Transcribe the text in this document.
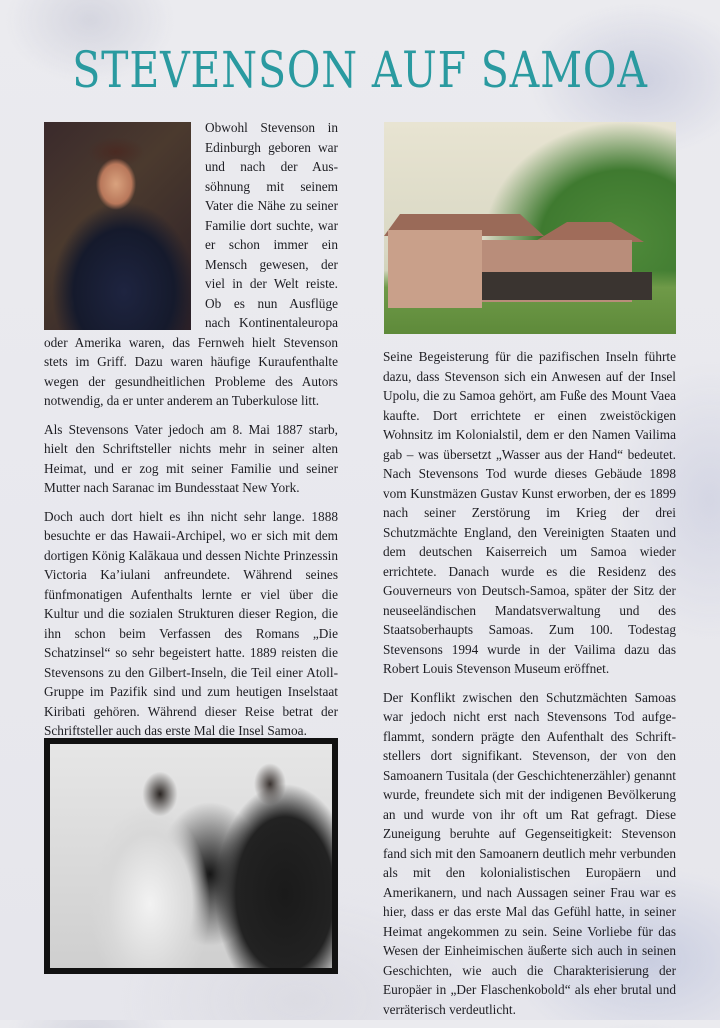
STEVENSON AUF SAMOA

Obwohl Stevenson in Edinburgh geboren war und nach der Aussöhnung mit seinem Vater die Nähe zu seiner Familie dort suchte, war er schon immer ein Mensch gewesen, der viel in der Welt reiste. Ob es nun Ausflüge nach Kontinentaleuropa oder Amerika waren, das Fernweh hielt Stevenson stets im Griff. Dazu waren häufige Kuraufenthalte wegen der gesundheitlichen Probleme des Autors notwendig, da er unter anderem an Tuberkulose litt.

Als Stevensons Vater jedoch am 8. Mai 1887 starb, hielt den Schriftsteller nichts mehr in seiner alten Heimat, und er zog mit seiner Familie und seiner Mutter nach Saranac im Bundesstaat New York.

Doch auch dort hielt es ihn nicht sehr lange. 1888 besuchte er das Hawaii-Archipel, wo er sich mit dem dortigen König Kalākaua und dessen Nichte Prinzessin Victoria Ka’iulani anfreundete. Während seines fünfmonatigen Aufenthalts lernte er viel über die Kultur und die sozialen Strukturen dieser Region, die ihn schon beim Verfassen des Romans „Die Schatzinsel“ so sehr begeistert hatte. 1889 reisten die Stevensons zu den Gilbert-Inseln, die Teil einer Atoll-Gruppe im Pazifik sind und zum heutigen Inselstaat Kiribati gehören. Während dieser Reise betrat der Schriftsteller auch das erste Mal die Insel Samoa.

Seine Begeisterung für die pazifischen Inseln führte dazu, dass Stevenson sich ein Anwesen auf der Insel Upolu, die zu Samoa gehört, am Fuße des Mount Vaea kaufte. Dort errichtete er einen zweistöckigen Wohnsitz im Kolonialstil, dem er den Namen Vailima gab – was übersetzt „Wasser aus der Hand“ bedeutet. Nach Stevensons Tod wurde dieses Gebäude 1898 vom Kunstmäzen Gustav Kunst erworben, der es 1899 nach seiner Zerstörung im Krieg der drei Schutzmächte England, den Vereinigten Staaten und dem deutschen Kaiserreich um Samoa wieder errichtete. Danach wurde es die Residenz des Gouverneurs von Deutsch-Samoa, später der Sitz der neuseeländischen Mandatsverwaltung und des Staatsoberhaupts Samoas. Zum 100. Todestag Stevensons 1994 wurde in der Vailima dazu das Robert Louis Stevenson Museum eröffnet.

Der Konflikt zwischen den Schutzmächten Samoas war jedoch nicht erst nach Stevensons Tod aufgeflammt, sondern prägte den Aufenthalt des Schriftstellers dort signifikant. Stevenson, der von den Samoanern Tusitala (der Geschichtenerzähler) genannt wurde, freundete sich mit der indigenen Bevölkerung an und wurde von ihr oft um Rat gefragt. Diese Zuneigung beruhte auf Gegenseitigkeit: Stevenson fand sich mit den Samoanern deutlich mehr verbunden als mit den kolonialistischen Europäern und Amerikanern, und nach Aussagen seiner Frau war es hier, dass er das erste Mal das Gefühl hatte, in seiner Heimat angekommen zu sein. Seine Vorliebe für das Wesen der Einheimischen äußerte sich auch in seinen Geschichten, wie auch die Charakterisierung der Europäer in „Der Flaschenkobold“ als eher brutal und verräterisch verdeutlicht.
